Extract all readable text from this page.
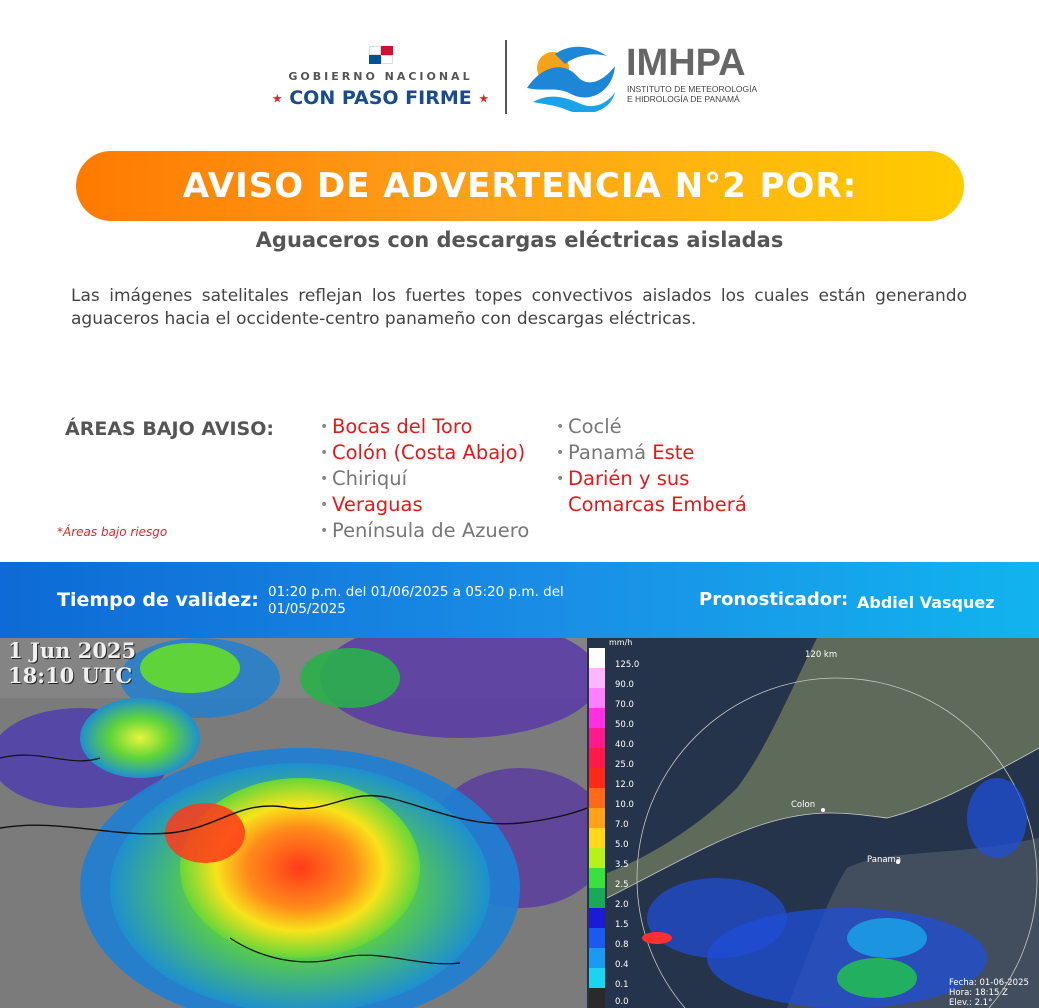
GOBIERNO NACIONAL
★ CON PASO FIRME ★
IMHPA
INSTITUTO DE METEOROLOGÍA
E HIDROLOGÍA DE PANAMÁ
AVISO DE ADVERTENCIA N°2 POR:
Aguaceros con descargas eléctricas aisladas
Las imágenes satelitales reflejan los fuertes topes convectivos aislados los cuales están generando aguaceros hacia el occidente-centro panameño con descargas eléctricas.
ÁREAS BAJO AVISO:
•	Bocas del Toro
• Colón (Costa Abajo)
• Chiriquí
• Veraguas
• Península de Azuero
• Coclé
• Panamá Este
• Darién y sus
Comarcas Emberá
*Áreas bajo riesgo
Tiempo de validez: 01:20 p.m. del 01/06/2025 a 05:20 p.m. del 01/05/2025	Pronosticador: Abdiel Vasquez
1 Jun 2025
18:10 UTC
mm/h
125.0
90.0
70.0
50.0
40.0
25.0
12.0
10.0
7.0
5.0
3.5
2.5
2.0
1.5
0.8
0.4
0.1
0.0
120 km
Colon
Panama
Fecha: 01-06-2025
Hora: 18:15 Z
Elev.: 2.1°
